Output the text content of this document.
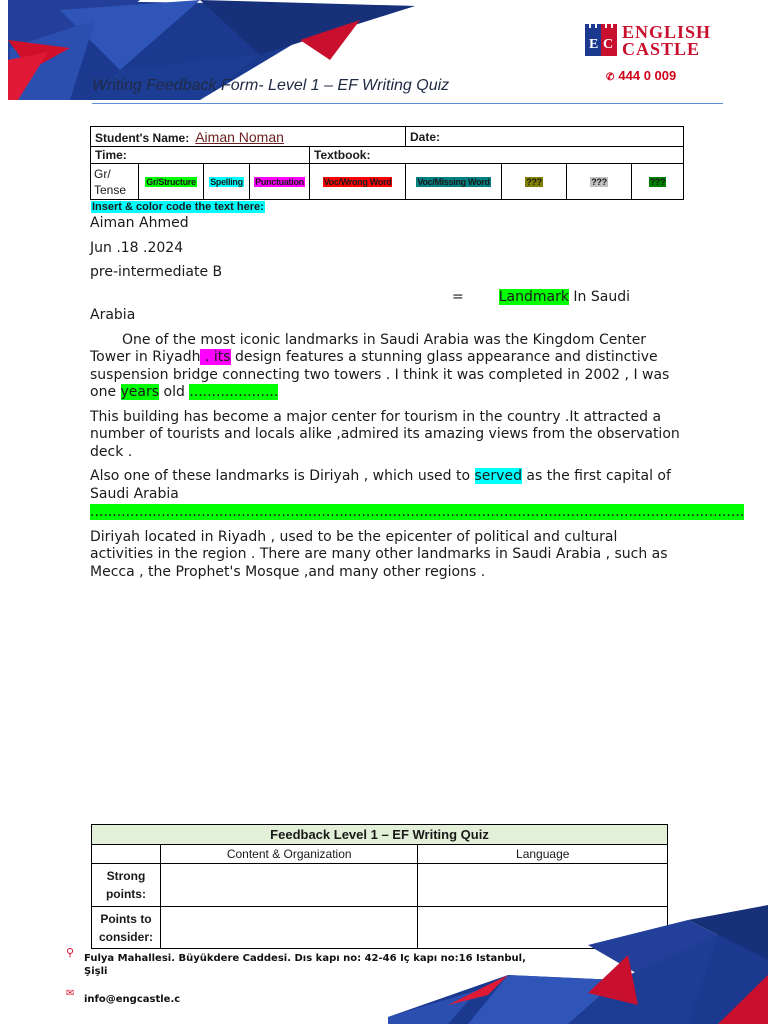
Writing Feedback Form- Level 1 – EF Writing Quiz
E C
ENGLISH
CASTLE
✆ 444 0 009
Student's Name: Aiman Noman					Date:			
Time:				Textbook:				
Gr/ Tense	Gr/Structure	Spelling	Punctuation	Voc/Wrong Word	Voc/Missing Word	???	???	???
Insert & color code the text here:

Aiman Ahmed

Jun .18 .2024

pre-intermediate B

=	Landmark In Saudi

Arabia

One of the most iconic landmarks in Saudi Arabia was the Kingdom Center Tower in Riyadh . its design features a stunning glass appearance and distinctive suspension bridge connecting two towers . I think it was completed in 2002 , I was one years old ....................

This building has become a major center for tourism in the country .It attracted a number of tourists and locals alike ,admired its amazing views from the observation deck .

Also one of these landmarks is Diriyah , which used to served as the first capital of Saudi Arabia

...................................................................................................................................................

Diriyah located in Riyadh , used to be the epicenter of political and cultural activities in the region . There are many other landmarks in Saudi Arabia , such as Mecca , the Prophet's Mosque ,and many other regions .

Feedback Level 1 – EF Writing Quiz		
	Content & Organization	Language
Strong points:		
Points to consider:		
⚲ Fulya Mahallesi. Büyükdere Caddesi. Dıs kapı no: 42-46 Iç kapı no:16 Istanbul, Şişli
✉
info@engcastle.c
